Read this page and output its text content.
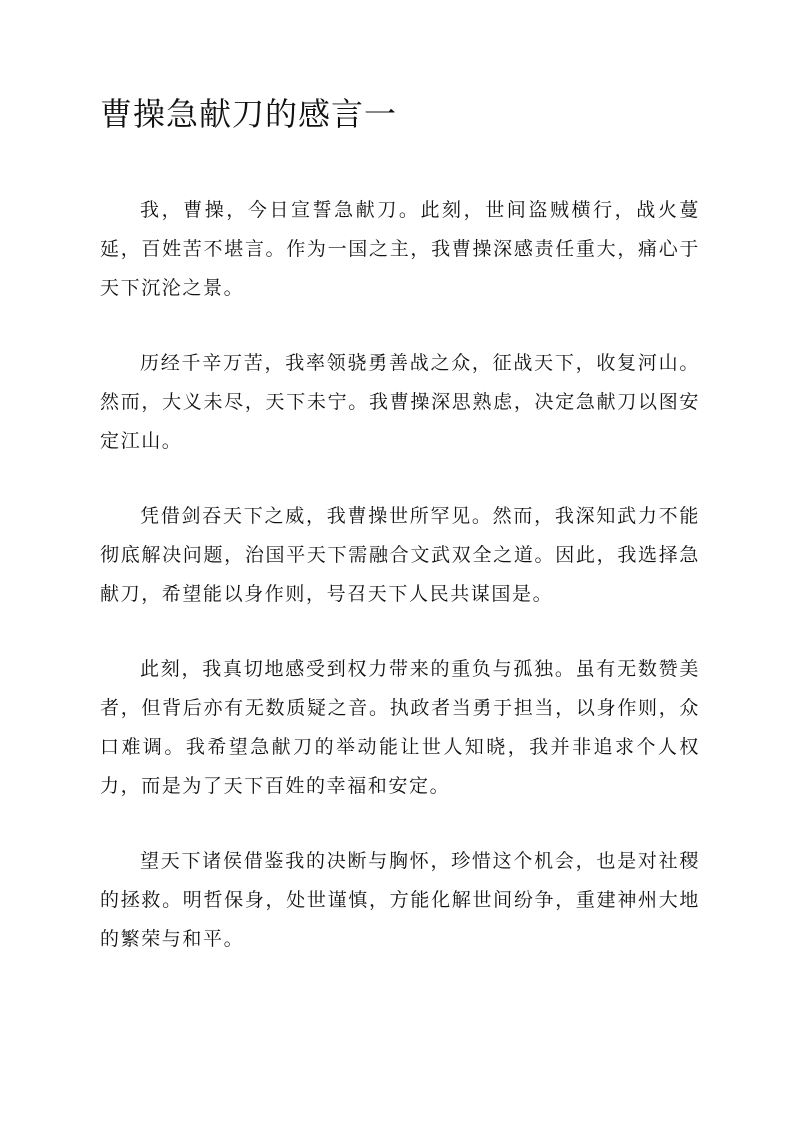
曹操急献刀的感言一

我，曹操，今日宣誓急献刀。此刻，世间盗贼横行，战火蔓延，百姓苦不堪言。作为一国之主，我曹操深感责任重大，痛心于天下沉沦之景。

历经千辛万苦，我率领骁勇善战之众，征战天下，收复河山。然而，大义未尽，天下未宁。我曹操深思熟虑，决定急献刀以图安定江山。

凭借剑吞天下之威，我曹操世所罕见。然而，我深知武力不能彻底解决问题，治国平天下需融合文武双全之道。因此，我选择急献刀，希望能以身作则，号召天下人民共谋国是。

此刻，我真切地感受到权力带来的重负与孤独。虽有无数赞美者，但背后亦有无数质疑之音。执政者当勇于担当，以身作则，众口难调。我希望急献刀的举动能让世人知晓，我并非追求个人权力，而是为了天下百姓的幸福和安定。

望天下诸侯借鉴我的决断与胸怀，珍惜这个机会，也是对社稷的拯救。明哲保身，处世谨慎，方能化解世间纷争，重建神州大地的繁荣与和平。
